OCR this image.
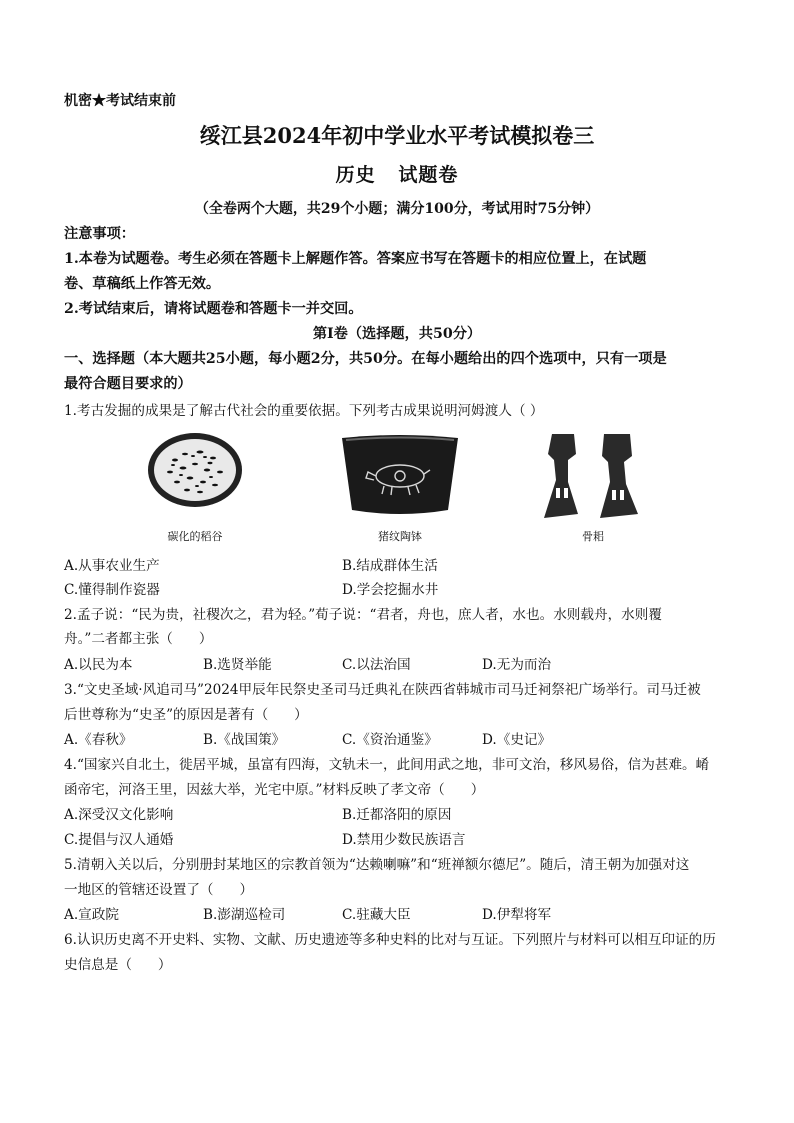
机密★考试结束前
绥江县2024年初中学业水平考试模拟卷三
历史   试题卷
（全卷两个大题，共29个小题；满分100分，考试用时75分钟）
注意事项：
1.本卷为试题卷。考生必须在答题卡上解题作答。答案应书写在答题卡的相应位置上，在试题
卷、草稿纸上作答无效。
2.考试结束后，请将试题卷和答题卡一并交回。
第Ⅰ卷（选择题，共50分）
一、选择题（本大题共25小题，每小题2分，共50分。在每小题给出的四个选项中，只有一项是
最符合题目要求的）
1.考古发掘的成果是了解古代社会的重要依据。下列考古成果说明河姆渡人（ ）
碳化的稻谷	猪纹陶钵	骨耜
A.从事农业生产	B.结成群体生活
C.懂得制作瓷器	D.学会挖掘水井
2.孟子说：“民为贵，社稷次之，君为轻。”荀子说：“君者，舟也，庶人者，水也。水则载舟，水则覆
舟。”二者都主张（      ）
A.以民为本	B.选贤举能	C.以法治国	D.无为而治
3.“文史圣域·风追司马”2024甲辰年民祭史圣司马迁典礼在陕西省韩城市司马迁祠祭祀广场举行。司马迁被
后世尊称为“史圣”的原因是著有（      ）
A.《春秋》	B.《战国策》	C.《资治通鉴》	D.《史记》
4.“国家兴自北土，徙居平城，虽富有四海，文轨未一，此间用武之地，非可文治，移风易俗，信为甚难。崤
函帝宅，河洛王里，因兹大举，光宅中原。”材料反映了孝文帝（      ）
A.深受汉文化影响	B.迁都洛阳的原因
C.提倡与汉人通婚	D.禁用少数民族语言
5.清朝入关以后，分别册封某地区的宗教首领为“达赖喇嘛”和“班禅额尔德尼”。随后，清王朝为加强对这
一地区的管辖还设置了（      ）
A.宣政院	B.澎湖巡检司	C.驻藏大臣	D.伊犁将军
6.认识历史离不开史料、实物、文献、历史遗迹等多种史料的比对与互证。下列照片与材料可以相互印证的历
史信息是（      ）
